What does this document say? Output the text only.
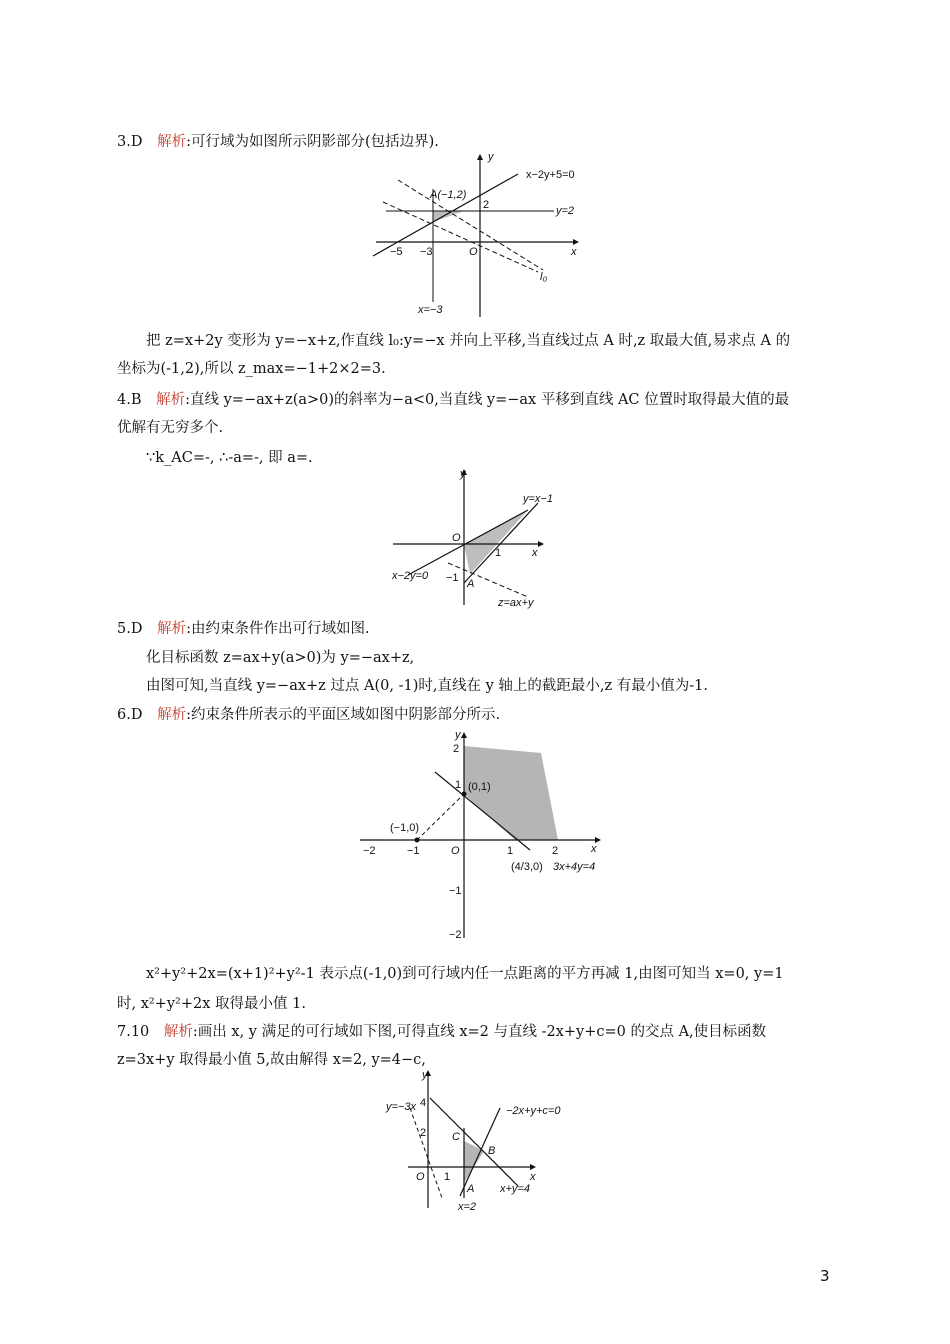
3.D 解析:可行域为如图所示阴影部分(包括边界).
y
x
x−2y+5=0
y=2
A(−1,2)
2
−5 −3	O
l₀
x=−3
把 z=x+2y 变形为 y=−x+z,作直线 l₀:y=−x 并向上平移,当直线过点 A 时,z 取最大值,易求点 A 的
坐标为(-1,2),所以 z_max=−1+2×2=3.
4.B 解析:直线 y=−ax+z(a>0)的斜率为−a<0,当直线 y=−ax 平移到直线 AC 位置时取得最大值的最
优解有无穷多个.
∵k_AC=-, ∴-a=-, 即 a=.
y
x
y=x−1
O
1
−1
x−2y=0
A
z=ax+y
5.D 解析:由约束条件作出可行域如图.
化目标函数 z=ax+y(a>0)为 y=−ax+z,
由图可知,当直线 y=−ax+z 过点 A(0, -1)时,直线在 y 轴上的截距最小,z 有最小值为-1.
6.D 解析:约束条件所表示的平面区域如图中阴影部分所示.
y
2
1 (0,1)
(−1,0)
O
−2	−1	1	2	x
(4/3,0) 3x+4y=4
−1
−2
x²+y²+2x=(x+1)²+y²-1 表示点(-1,0)到可行域内任一点距离的平方再减 1,由图可知当 x=0, y=1
时, x²+y²+2x 取得最小值 1.
7.10 解析:画出 x, y 满足的可行域如下图,可得直线 x=2 与直线 -2x+y+c=0 的交点 A,使目标函数
z=3x+y 取得最小值 5,故由解得 x=2, y=4−c,
y
4
y=−3x	−2x+y+c=0
2 C
B
O 1	x
A x+y=4
x=2
3
